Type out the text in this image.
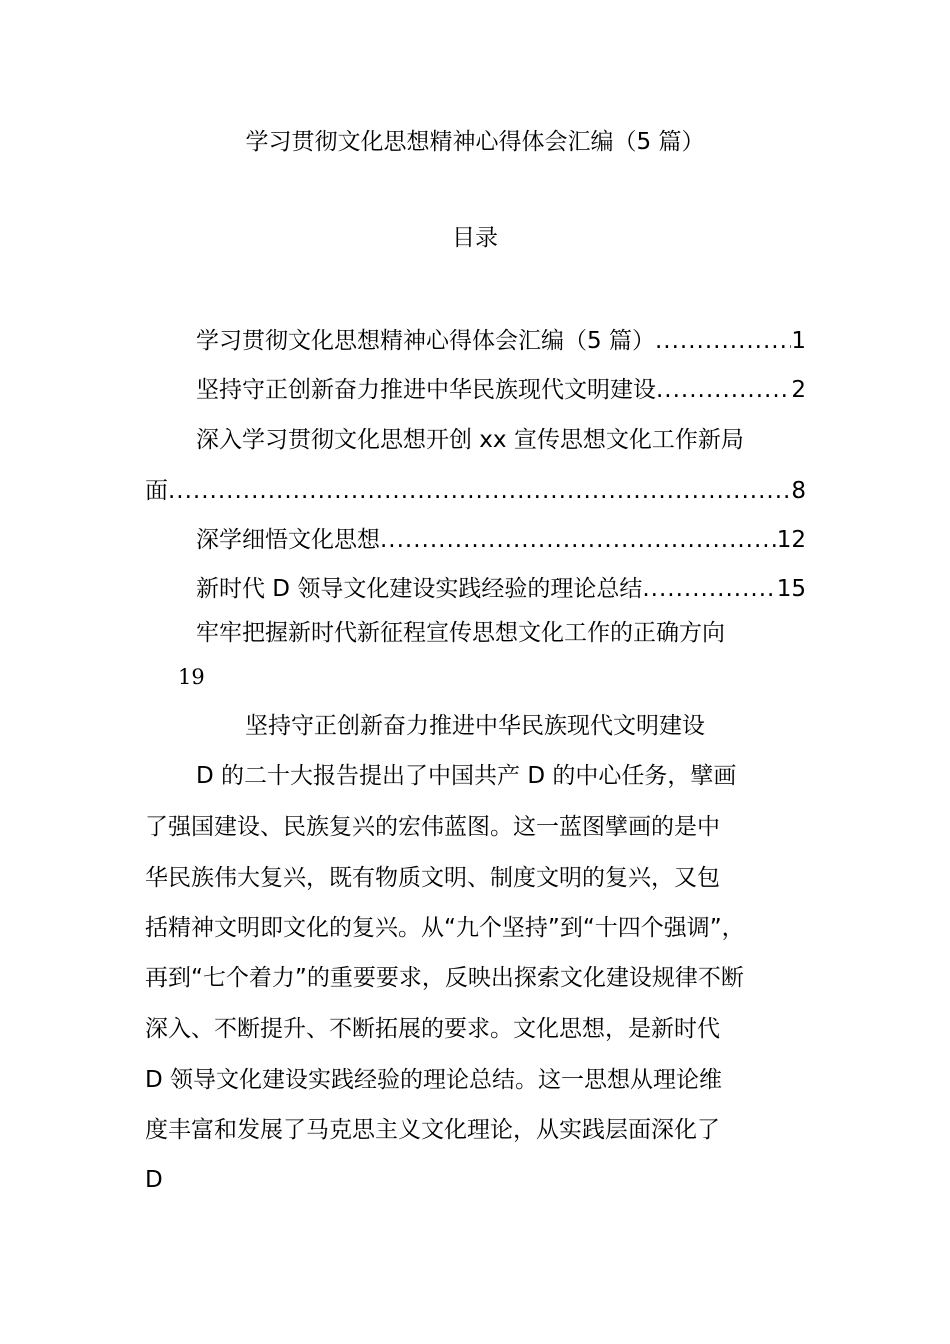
学习贯彻文化思想精神心得体会汇编（5 篇）
目录
学习贯彻文化思想精神心得体会汇编（5 篇） .....	1
坚持守正创新奋力推进中华民族现代文明建设 .....	2
深入学习贯彻文化思想开创 xx 宣传思想文化工作新局
面 .....	8
深学细悟文化思想 .....	12
新时代 D 领导文化建设实践经验的理论总结 .....	15
牢牢把握新时代新征程宣传思想文化工作的正确方向
19
坚持守正创新奋力推进中华民族现代文明建设
D 的二十大报告提出了中国共产 D 的中心任务，擘画
了强国建设、民族复兴的宏伟蓝图。这一蓝图擘画的是中
华民族伟大复兴，既有物质文明、制度文明的复兴，又包
括精神文明即文化的复兴。从“九个坚持”到“十四个强调”，
再到“七个着力”的重要要求，反映出探索文化建设规律不断
深入、不断提升、不断拓展的要求。文化思想，是新时代
D 领导文化建设实践经验的理论总结。这一思想从理论维
度丰富和发展了马克思主义文化理论，从实践层面深化了
D
